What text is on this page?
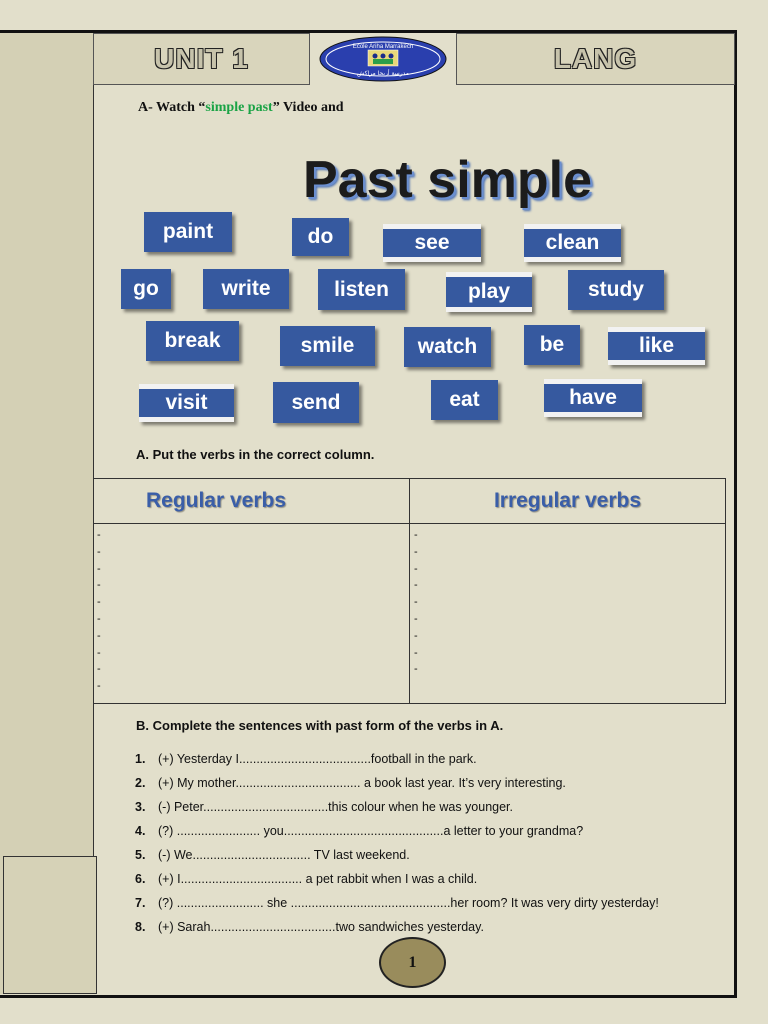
UNIT 1	LANG
Ecole Ariha Marrakech
مدرسة أريحا مراكش
A- Watch “simple past” Video and
Past simple
paint	do	see	clean
go	write	listen	play	study
break	smile	watch	be	like
visit	send	eat	have
A. Put the verbs in the correct column.
Regular verbs	Irregular verbs
-
-
-
-
-
-
-
-
-
-
-
-
-
-
-
-
-
-
-
B. Complete the sentences with past form of the verbs in A.
1.	(+) Yesterday I......................................football in the park.
2.	(+) My mother.................................... a book last year. It’s very interesting.
3.	(-) Peter....................................this colour when he was younger.
4.	(?) ........................ you..............................................a letter to your grandma?
5.	(-) We.................................. TV last weekend.
6.	(+) I................................... a pet rabbit when I was a child.
7.	(?) ......................... she ..............................................her room? It was very dirty yesterday!
8.	(+) Sarah....................................two sandwiches yesterday.
1
